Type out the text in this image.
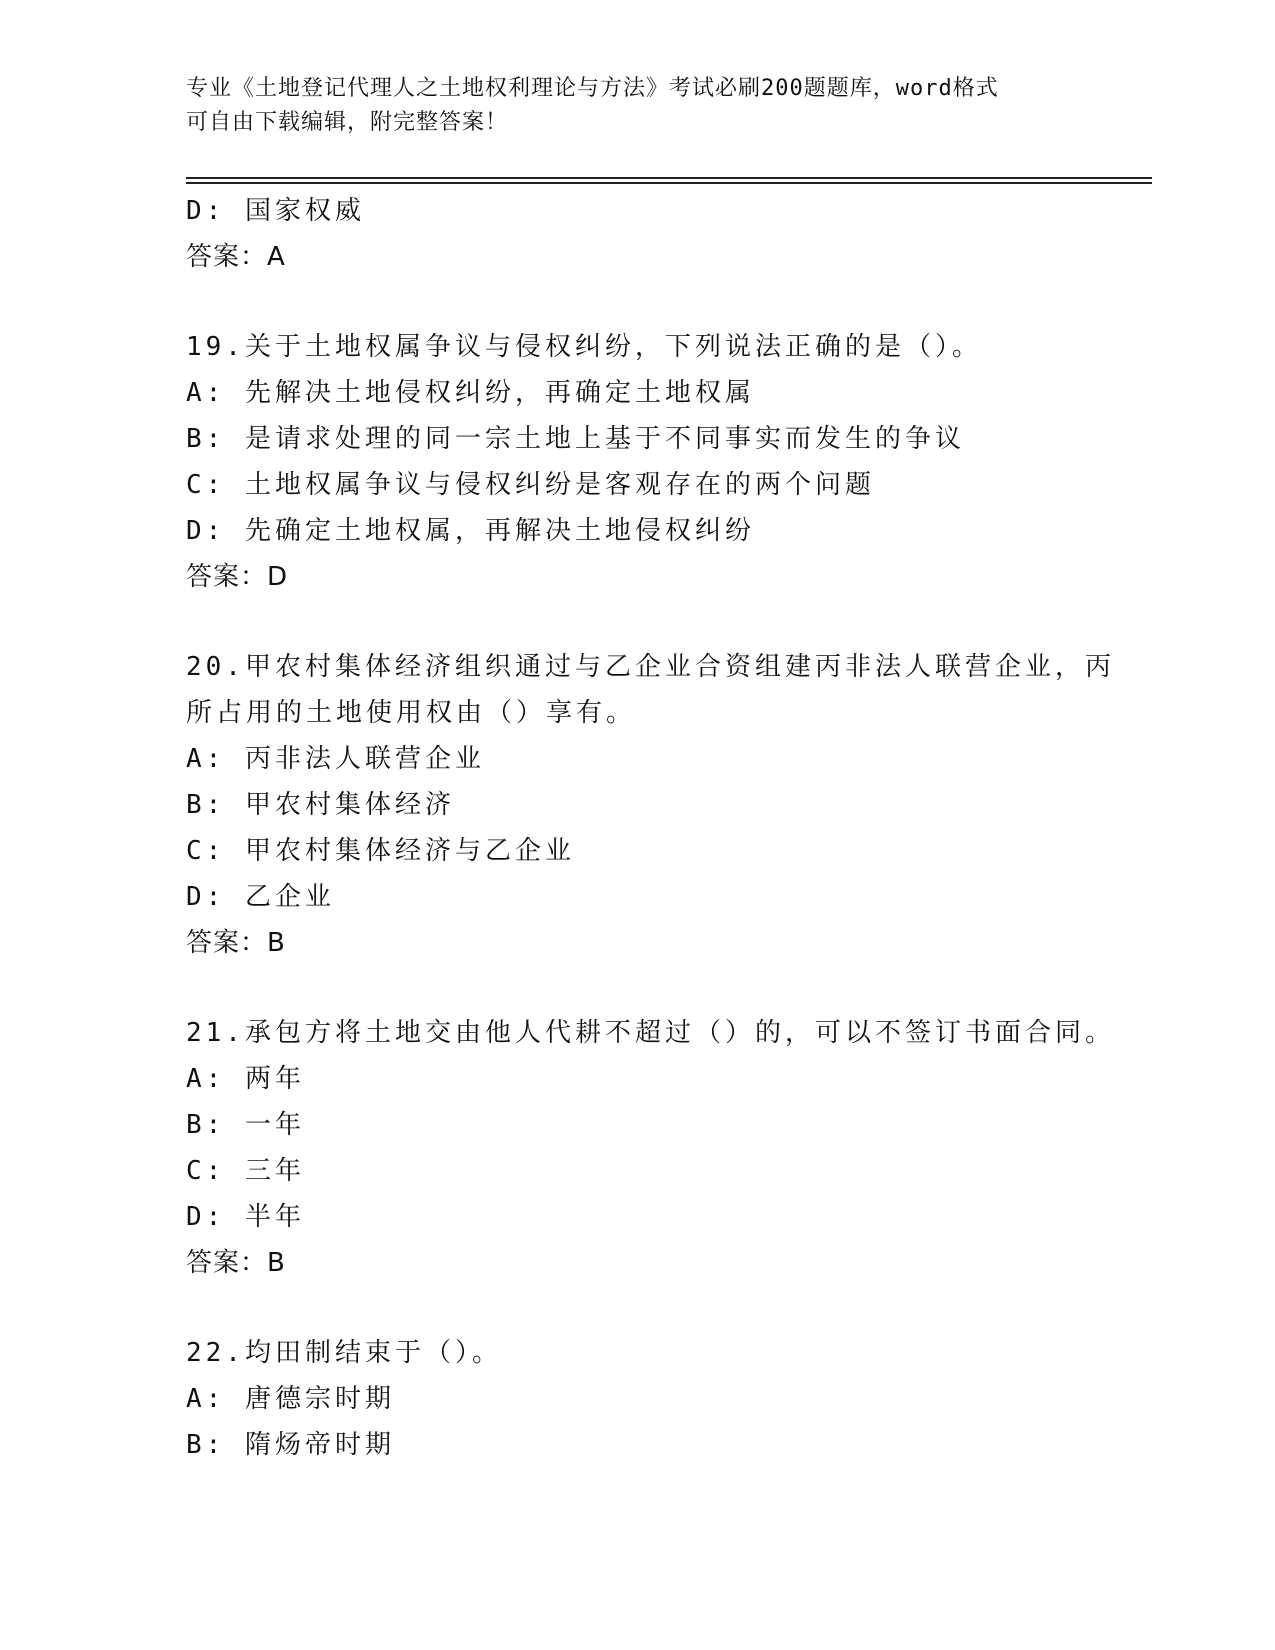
专业《土地登记代理人之土地权利理论与方法》考试必刷200题题库，word格式
可自由下载编辑，附完整答案！
D: 国家权威
答案：A
19.关于土地权属争议与侵权纠纷，下列说法正确的是（）。
A: 先解决土地侵权纠纷，再确定土地权属
B: 是请求处理的同一宗土地上基于不同事实而发生的争议
C: 土地权属争议与侵权纠纷是客观存在的两个问题
D: 先确定土地权属，再解决土地侵权纠纷
答案：D
20.甲农村集体经济组织通过与乙企业合资组建丙非法人联营企业，丙
所占用的土地使用权由（）享有。
A: 丙非法人联营企业
B: 甲农村集体经济
C: 甲农村集体经济与乙企业
D: 乙企业
答案：B
21.承包方将土地交由他人代耕不超过（）的，可以不签订书面合同。
A: 两年
B: 一年
C: 三年
D: 半年
答案：B
22.均田制结束于（）。
A: 唐德宗时期
B: 隋炀帝时期
